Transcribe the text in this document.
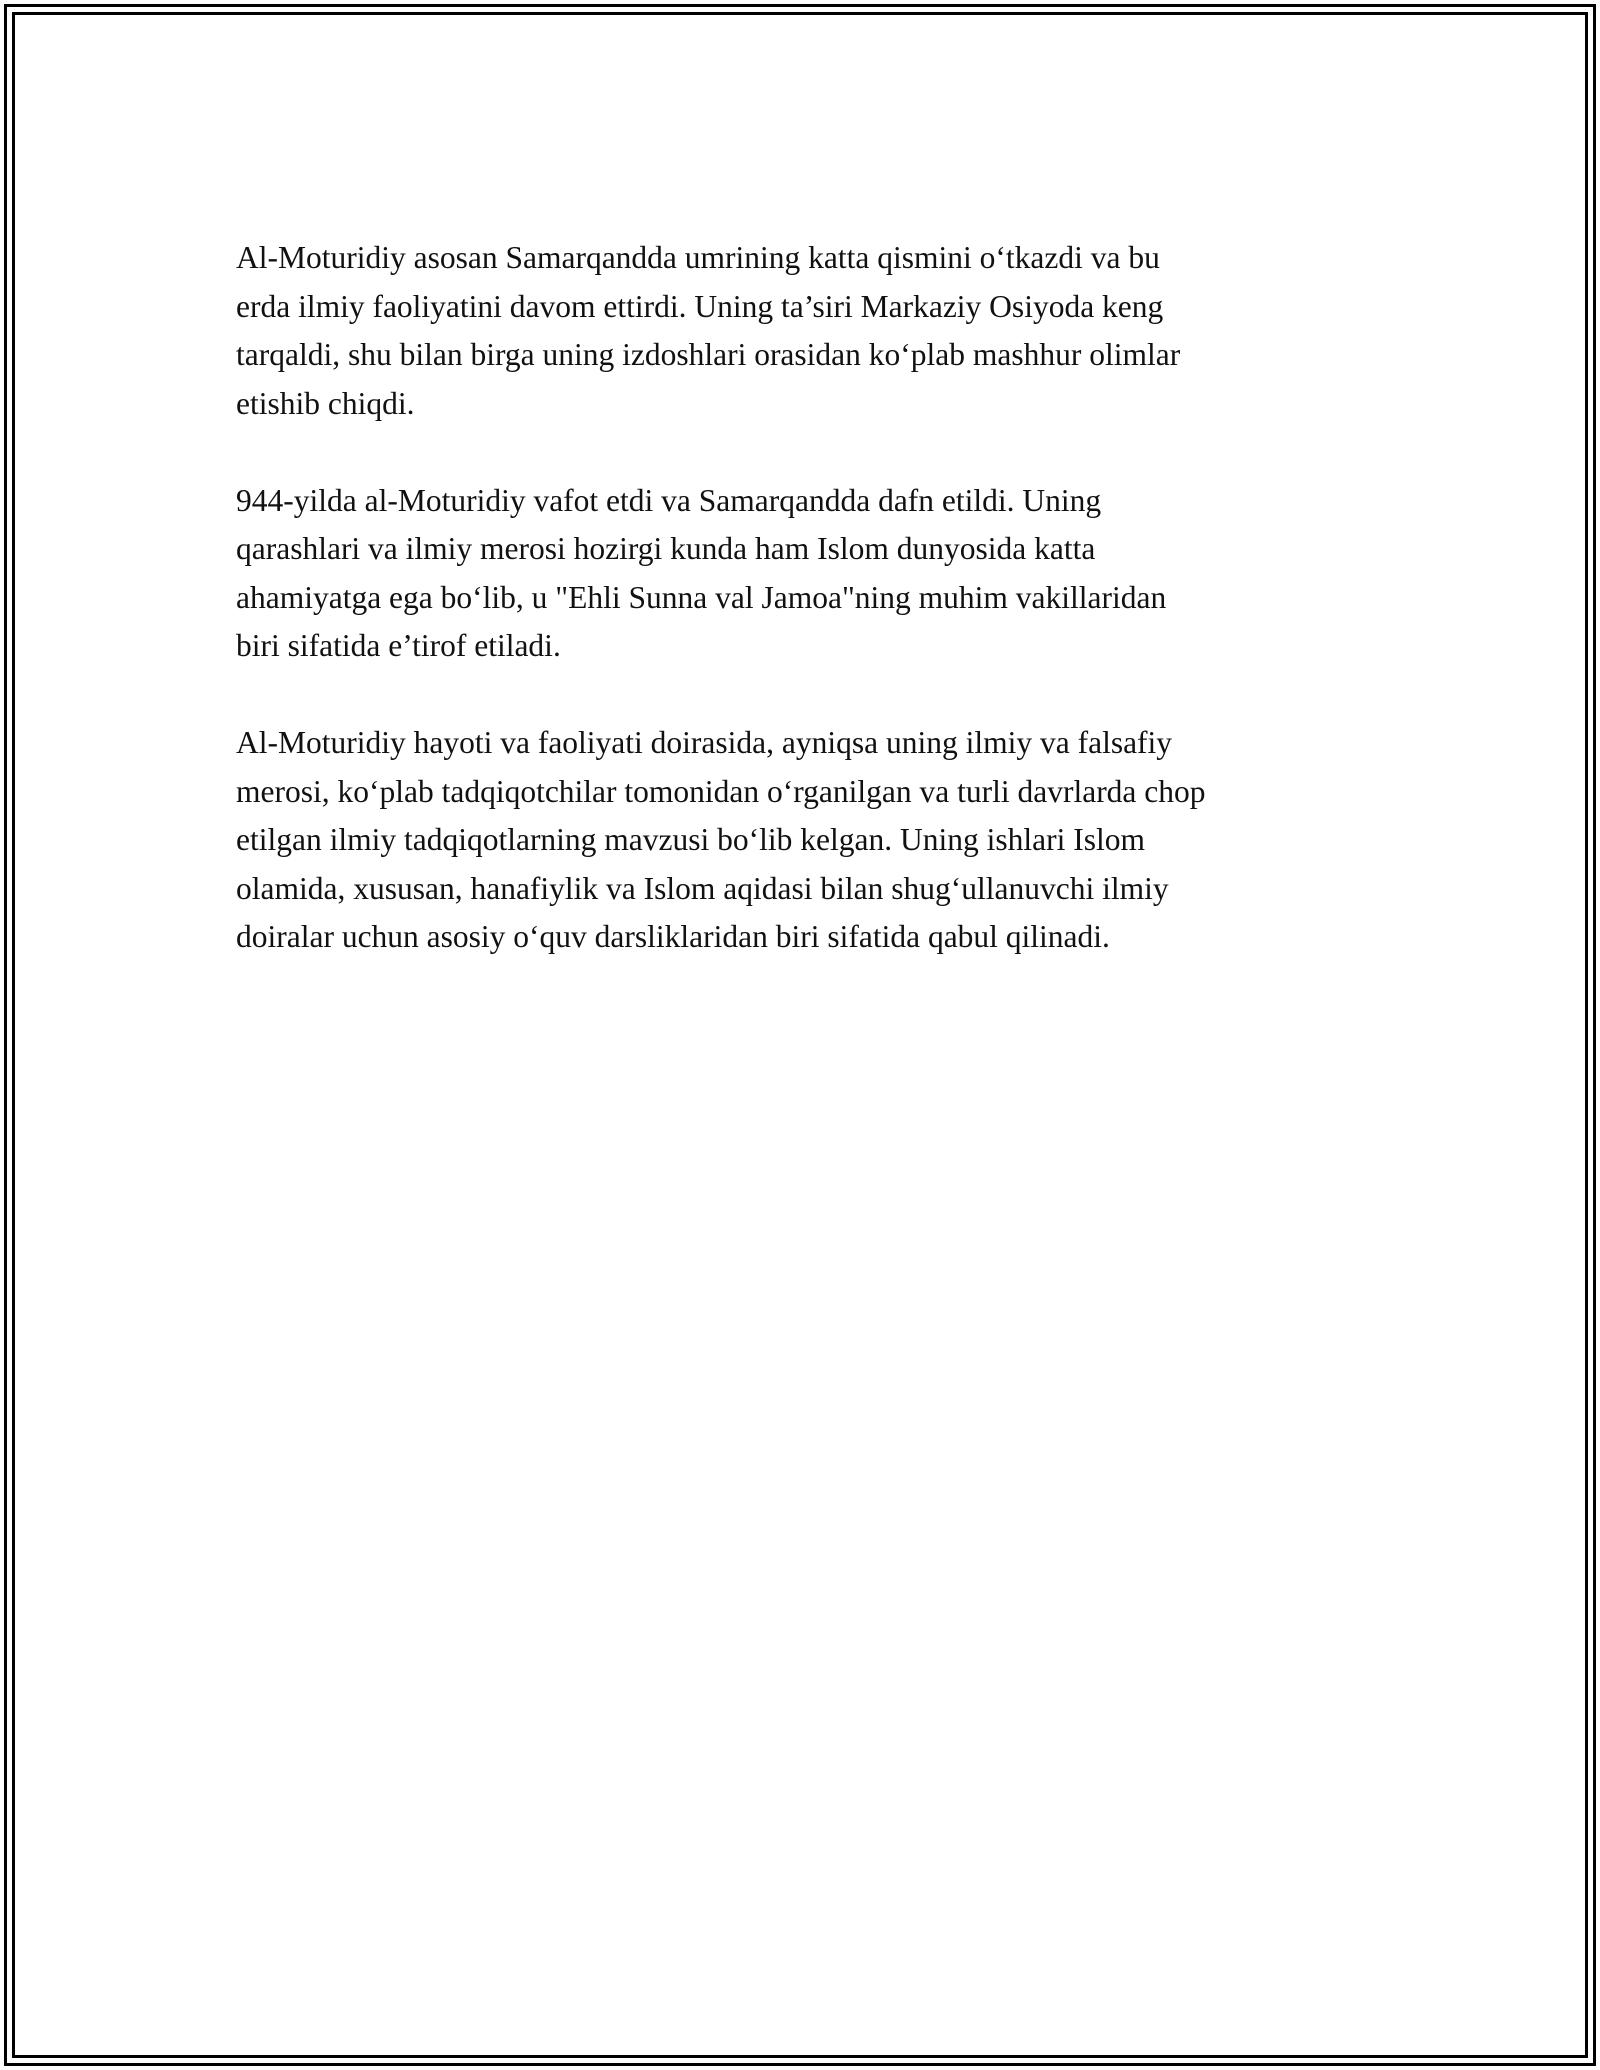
Al-Moturidiy asosan Samarqandda umrining katta qismini o‘tkazdi va bu
erda ilmiy faoliyatini davom ettirdi. Uning ta’siri Markaziy Osiyoda keng
tarqaldi, shu bilan birga uning izdoshlari orasidan ko‘plab mashhur olimlar
etishib chiqdi.

944-yilda al-Moturidiy vafot etdi va Samarqandda dafn etildi. Uning
qarashlari va ilmiy merosi hozirgi kunda ham Islom dunyosida katta
ahamiyatga ega bo‘lib, u "Ehli Sunna val Jamoa"ning muhim vakillaridan
biri sifatida e’tirof etiladi.

Al-Moturidiy hayoti va faoliyati doirasida, ayniqsa uning ilmiy va falsafiy
merosi, ko‘plab tadqiqotchilar tomonidan o‘rganilgan va turli davrlarda chop
etilgan ilmiy tadqiqotlarning mavzusi bo‘lib kelgan. Uning ishlari Islom
olamida, xususan, hanafiylik va Islom aqidasi bilan shug‘ullanuvchi ilmiy
doiralar uchun asosiy o‘quv darsliklaridan biri sifatida qabul qilinadi.
